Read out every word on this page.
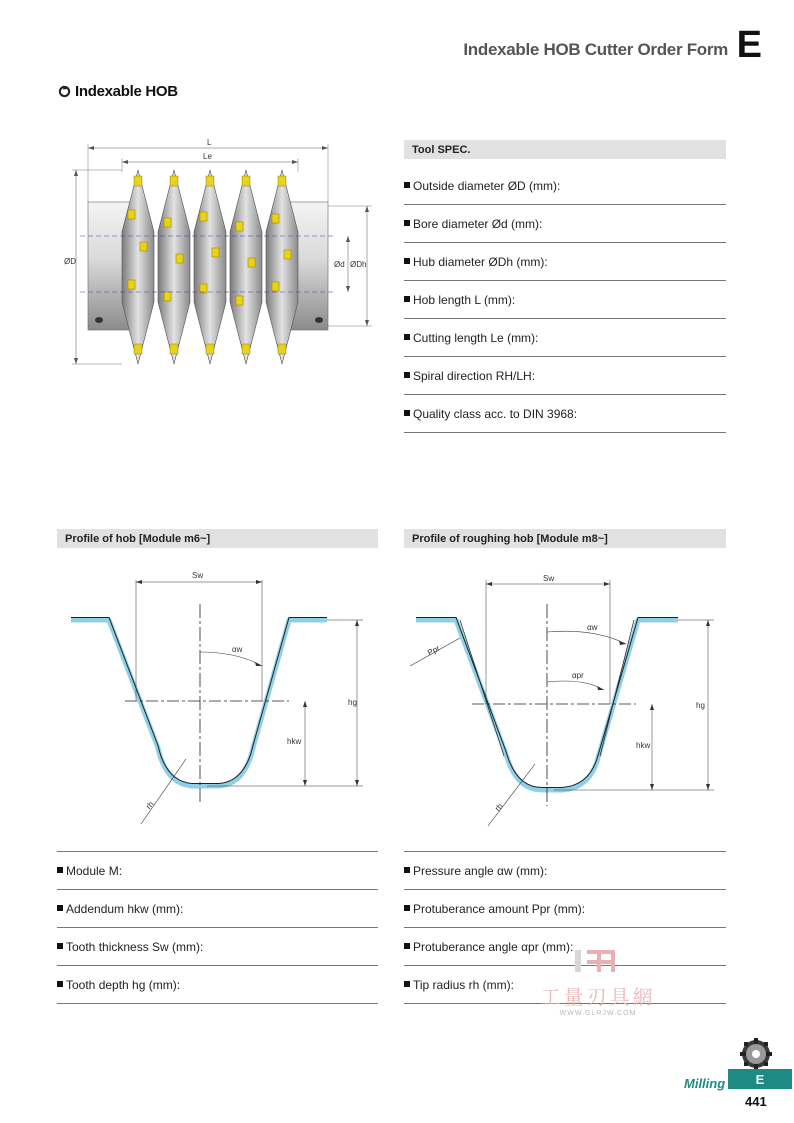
Indexable HOB Cutter Order Form E
Indexable HOB
L
Le
ØD	Ød ØDh
Tool SPEC.
Outside diameter ØD (mm):
Bore diameter Ød (mm):
Hub diameter ØDh (mm):
Hob length L (mm):
Cutting length Le (mm):
Spiral direction RH/LH:
Quality class acc. to DIN 3968:
Profile of hob [Module m6~]	Profile of roughing hob [Module m8~]
Sw
αw
hg
hkw
rh
Sw
αw
αpr
Ppr
hg
hkw
rh
Module M:
Addendum hkw (mm):
Tooth thickness Sw (mm):
Tooth depth hg (mm):
Pressure angle αw (mm):
Protuberance amount Ppr (mm):
Protuberance angle αpr (mm):
Tip radius rh (mm):
工量刃具網
WWW.GLRJW.COM
Milling	E
441
